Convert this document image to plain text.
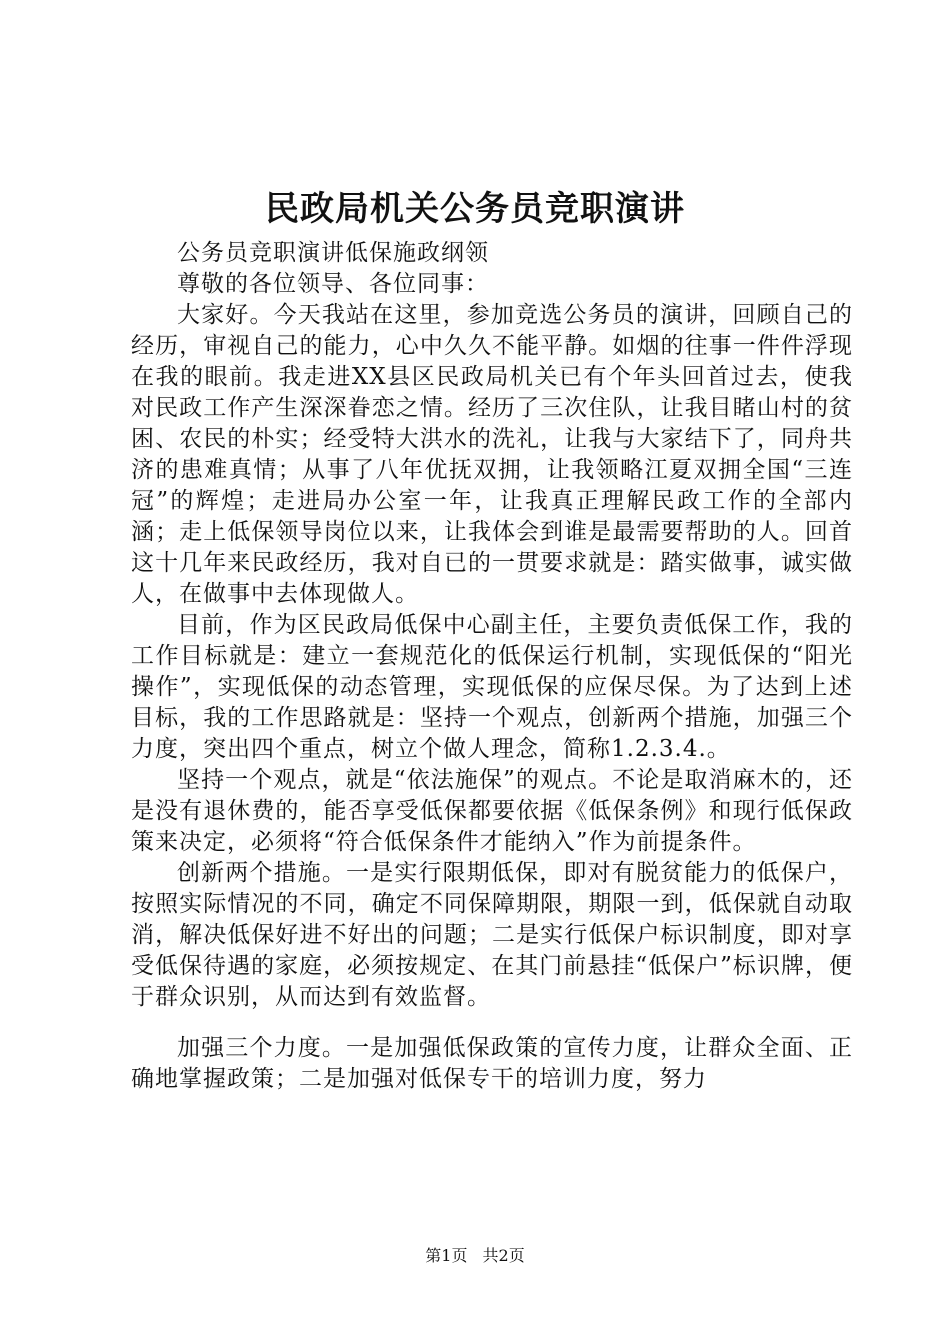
民政局机关公务员竞职演讲

公务员竞职演讲低保施政纲领

尊敬的各位领导、各位同事：

大家好。今天我站在这里，参加竞选公务员的演讲，回顾自己的经历，审视自己的能力，心中久久不能平静。如烟的往事一件件浮现在我的眼前。我走进XX县区民政局机关已有个年头回首过去，使我对民政工作产生深深眷恋之情。经历了三次住队，让我目睹山村的贫困、农民的朴实；经受特大洪水的洗礼，让我与大家结下了，同舟共济的患难真情；从事了八年优抚双拥，让我领略江夏双拥全国“三连冠”的辉煌；走进局办公室一年，让我真正理解民政工作的全部内涵；走上低保领导岗位以来，让我体会到谁是最需要帮助的人。回首这十几年来民政经历，我对自已的一贯要求就是：踏实做事，诚实做人，在做事中去体现做人。

目前，作为区民政局低保中心副主任，主要负责低保工作，我的工作目标就是：建立一套规范化的低保运行机制，实现低保的“阳光操作”，实现低保的动态管理，实现低保的应保尽保。为了达到上述目标，我的工作思路就是：坚持一个观点，创新两个措施，加强三个力度，突出四个重点，树立个做人理念，简称1.2.3.4.。

坚持一个观点，就是“依法施保”的观点。不论是取消麻木的，还是没有退休费的，能否享受低保都要依据《低保条例》和现行低保政策来决定，必须将“符合低保条件才能纳入”作为前提条件。

创新两个措施。一是实行限期低保，即对有脱贫能力的低保户，按照实际情况的不同，确定不同保障期限，期限一到，低保就自动取消，解决低保好进不好出的问题；二是实行低保户标识制度，即对享受低保待遇的家庭，必须按规定、在其门前悬挂“低保户”标识牌，便于群众识别，从而达到有效监督。

加强三个力度。一是加强低保政策的宣传力度，让群众全面、正确地掌握政策；二是加强对低保专干的培训力度，努力

第1页 共2页
